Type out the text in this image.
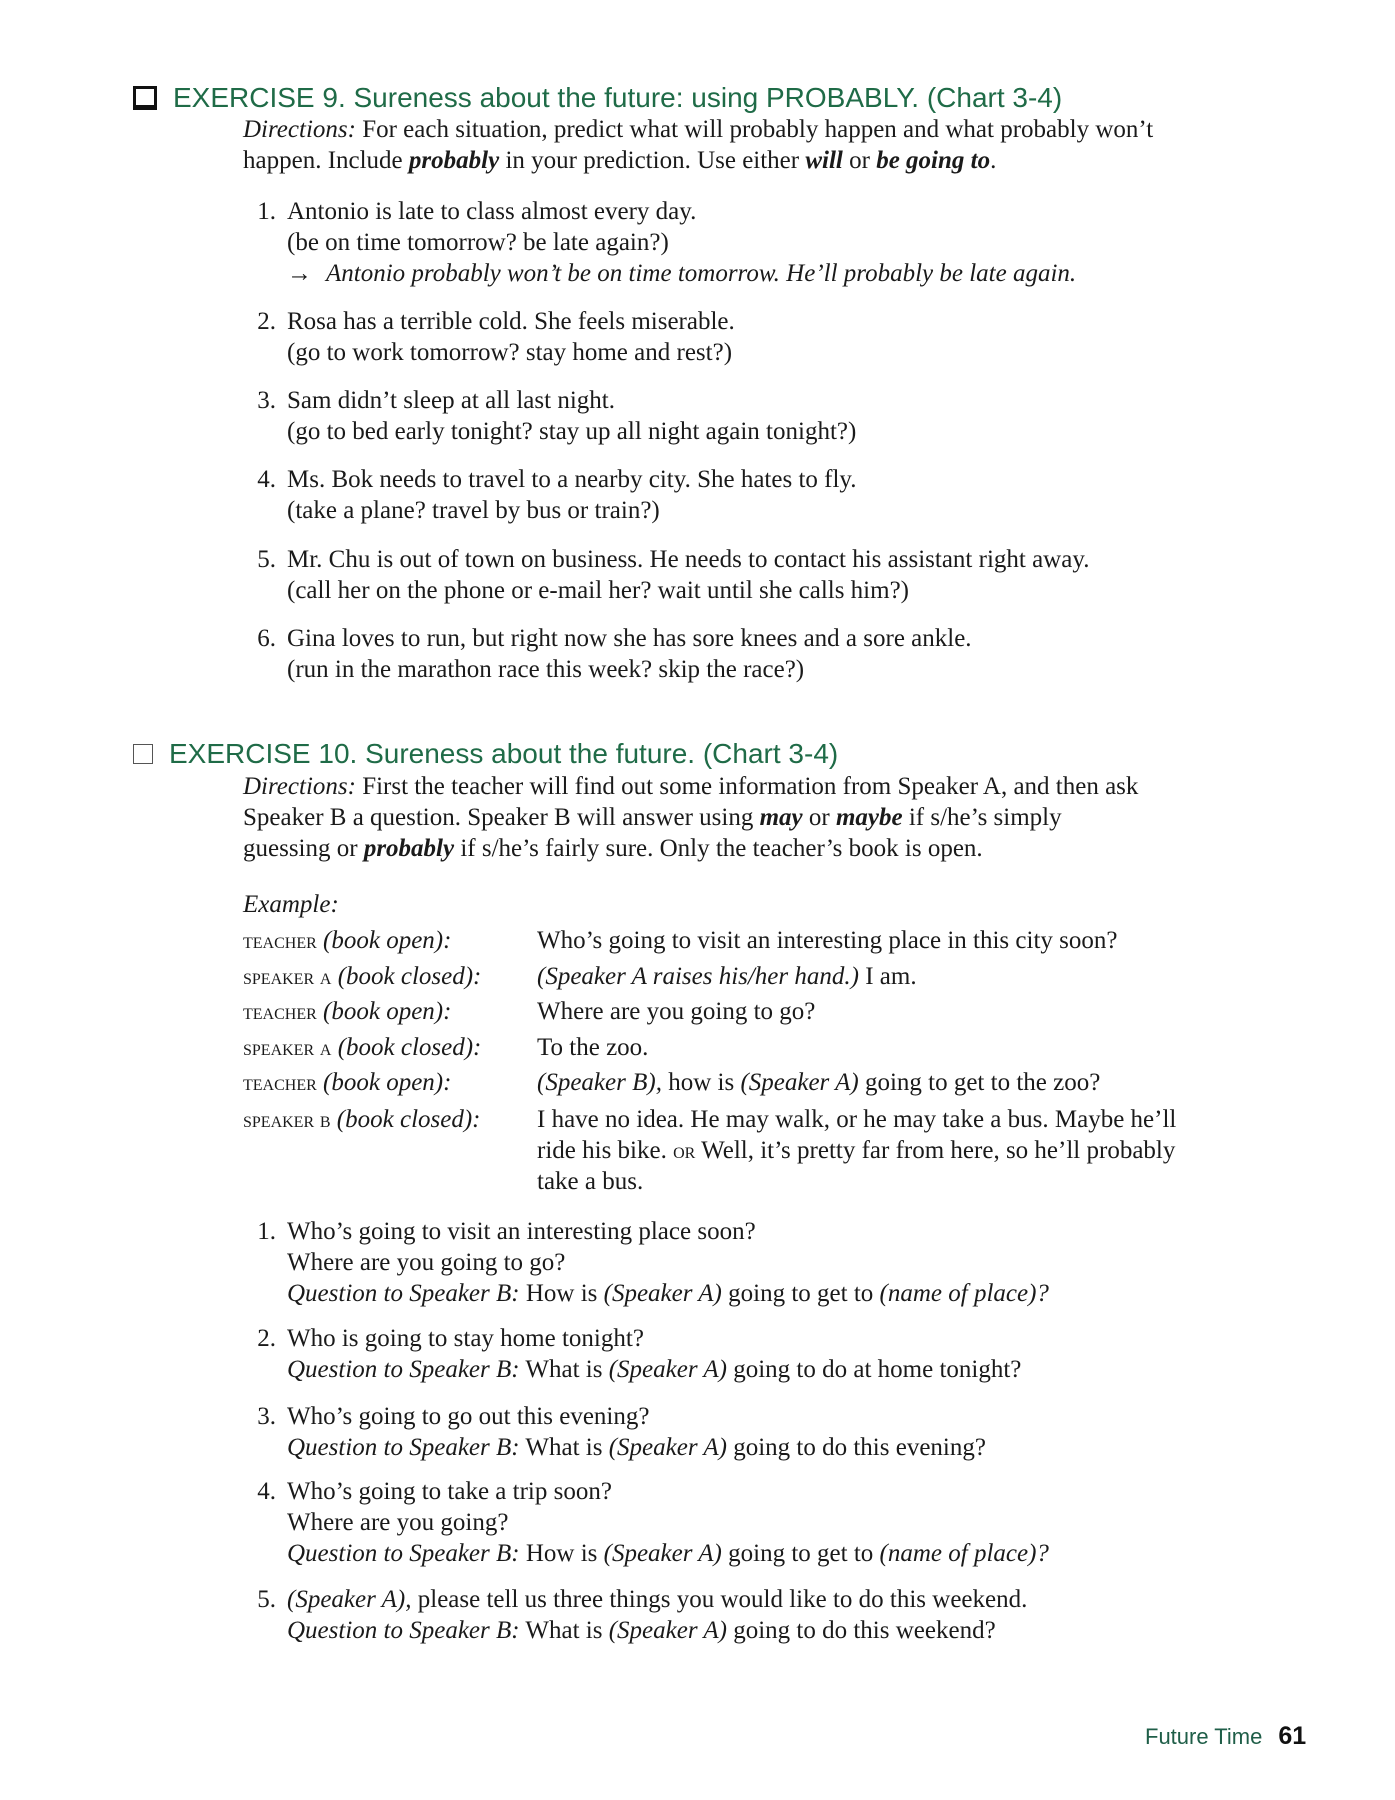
EXERCISE 9. Sureness about the future: using PROBABLY. (Chart 3-4)
Directions: For each situation, predict what will probably happen and what probably won’t
happen. Include probably in your prediction. Use either will or be going to.
1. Antonio is late to class almost every day.
(be on time tomorrow? be late again?)
→ Antonio probably won’t be on time tomorrow. He’ll probably be late again.
2. Rosa has a terrible cold. She feels miserable.
(go to work tomorrow? stay home and rest?)
3. Sam didn’t sleep at all last night.
(go to bed early tonight? stay up all night again tonight?)
4. Ms. Bok needs to travel to a nearby city. She hates to fly.
(take a plane? travel by bus or train?)
5. Mr. Chu is out of town on business. He needs to contact his assistant right away.
(call her on the phone or e-mail her? wait until she calls him?)
6. Gina loves to run, but right now she has sore knees and a sore ankle.
(run in the marathon race this week? skip the race?)
EXERCISE 10. Sureness about the future. (Chart 3-4)
Directions: First the teacher will find out some information from Speaker A, and then ask
Speaker B a question. Speaker B will answer using may or maybe if s/he’s simply
guessing or probably if s/he’s fairly sure. Only the teacher’s book is open.
Example:
teacher (book open):	Who’s going to visit an interesting place in this city soon?
speaker a (book closed): (Speaker A raises his/her hand.) I am.
teacher (book open):	Where are you going to go?
speaker a (book closed): To the zoo.
teacher (book open):	(Speaker B), how is (Speaker A) going to get to the zoo?
speaker b (book closed): I have no idea. He may walk, or he may take a bus. Maybe he’ll
ride his bike. or Well, it’s pretty far from here, so he’ll probably
take a bus.
1. Who’s going to visit an interesting place soon?
Where are you going to go?
Question to Speaker B: How is (Speaker A) going to get to (name of place)?
2. Who is going to stay home tonight?
Question to Speaker B: What is (Speaker A) going to do at home tonight?
3. Who’s going to go out this evening?
Question to Speaker B: What is (Speaker A) going to do this evening?
4. Who’s going to take a trip soon?
Where are you going?
Question to Speaker B: How is (Speaker A) going to get to (name of place)?
5. (Speaker A), please tell us three things you would like to do this weekend.
Question to Speaker B: What is (Speaker A) going to do this weekend?
Future Time 61
